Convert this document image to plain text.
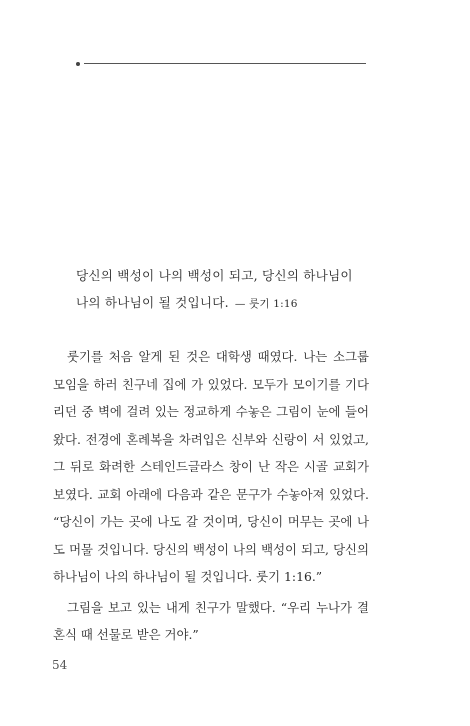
당신의 백성이 나의 백성이 되고, 당신의 하나님이 나의 하나님이 될 것입니다. — 룻기 1:16

룻기를 처음 알게 된 것은 대학생 때였다. 나는 소그룹 모임을 하러 친구네 집에 가 있었다. 모두가 모이기를 기다리던 중 벽에 걸려 있는 정교하게 수놓은 그림이 눈에 들어왔다. 전경에 혼례복을 차려입은 신부와 신랑이 서 있었고, 그 뒤로 화려한 스테인드글라스 창이 난 작은 시골 교회가 보였다. 교회 아래에 다음과 같은 문구가 수놓아져 있었다. “당신이 가는 곳에 나도 갈 것이며, 당신이 머무는 곳에 나도 머물 것입니다. 당신의 백성이 나의 백성이 되고, 당신의 하나님이 나의 하나님이 될 것입니다. 룻기 1:16.”

그림을 보고 있는 내게 친구가 말했다. “우리 누나가 결혼식 때 선물로 받은 거야.”

54
